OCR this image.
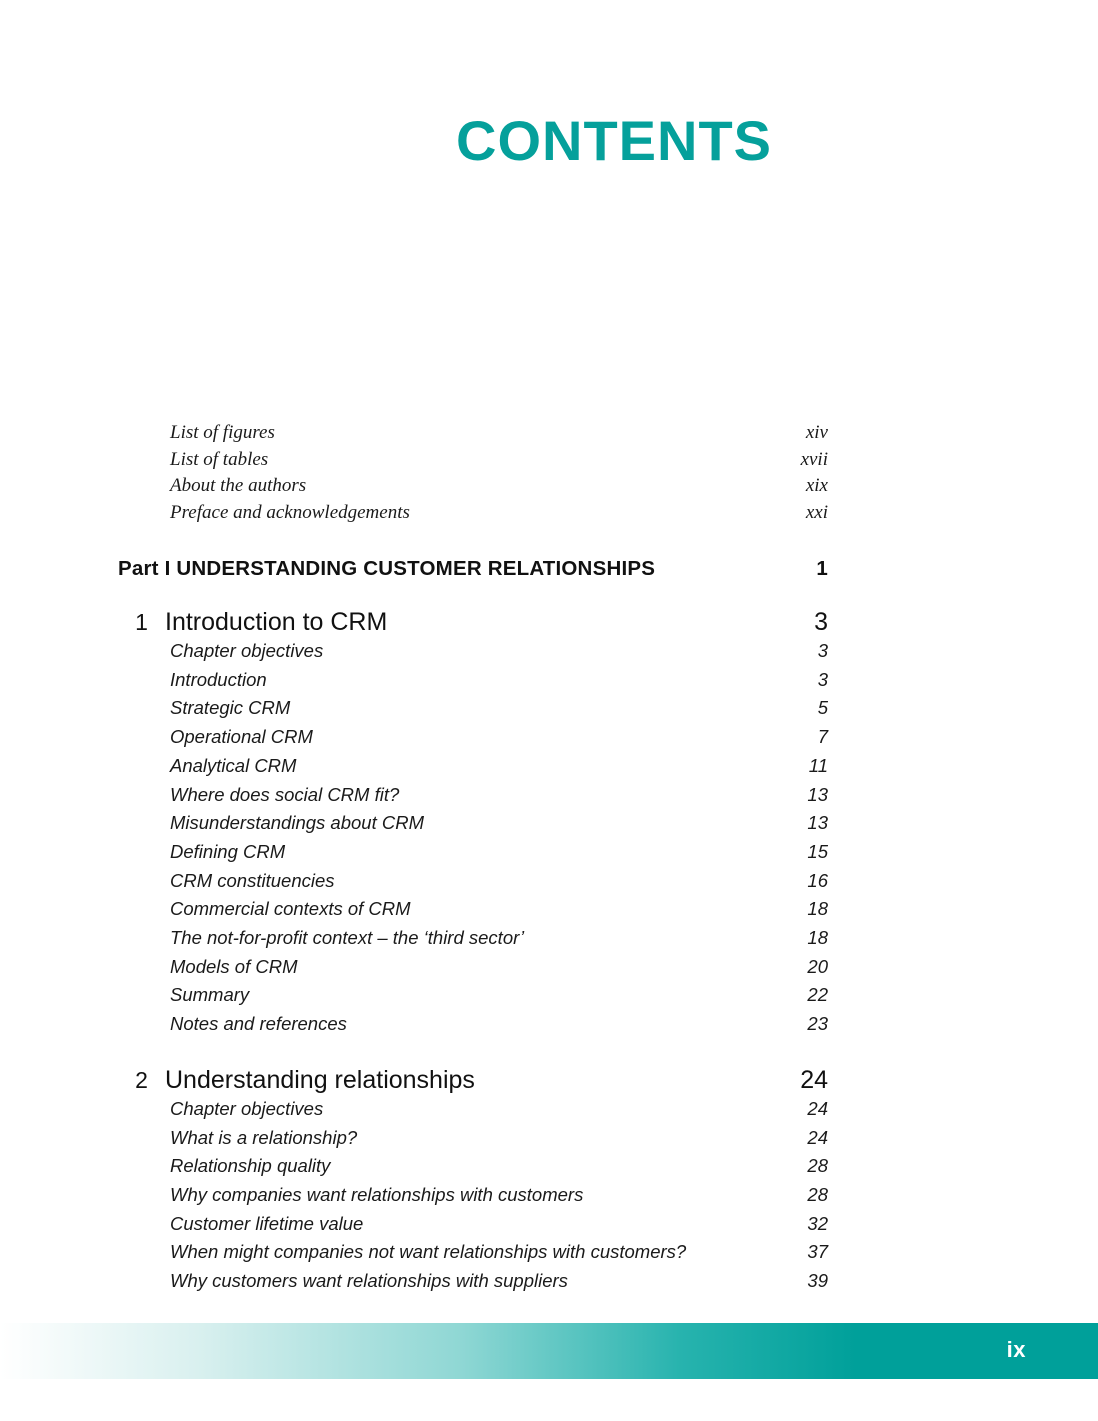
CONTENTS
List of figures	xiv
List of tables	xvii
About the authors	xix
Preface and acknowledgements	xxi
Part I UNDERSTANDING CUSTOMER RELATIONSHIPS	1
1 Introduction to CRM	3
Chapter objectives	3
Introduction	3
Strategic CRM	5
Operational CRM	7
Analytical CRM	11
Where does social CRM fit?	13
Misunderstandings about CRM	13
Defining CRM	15
CRM constituencies	16
Commercial contexts of CRM	18
The not-for-profit context – the ‘third sector’	18
Models of CRM	20
Summary	22
Notes and references	23
2 Understanding relationships	24
Chapter objectives	24
What is a relationship?	24
Relationship quality	28
Why companies want relationships with customers	28
Customer lifetime value	32
When might companies not want relationships with customers?	37
Why customers want relationships with suppliers	39
ix
